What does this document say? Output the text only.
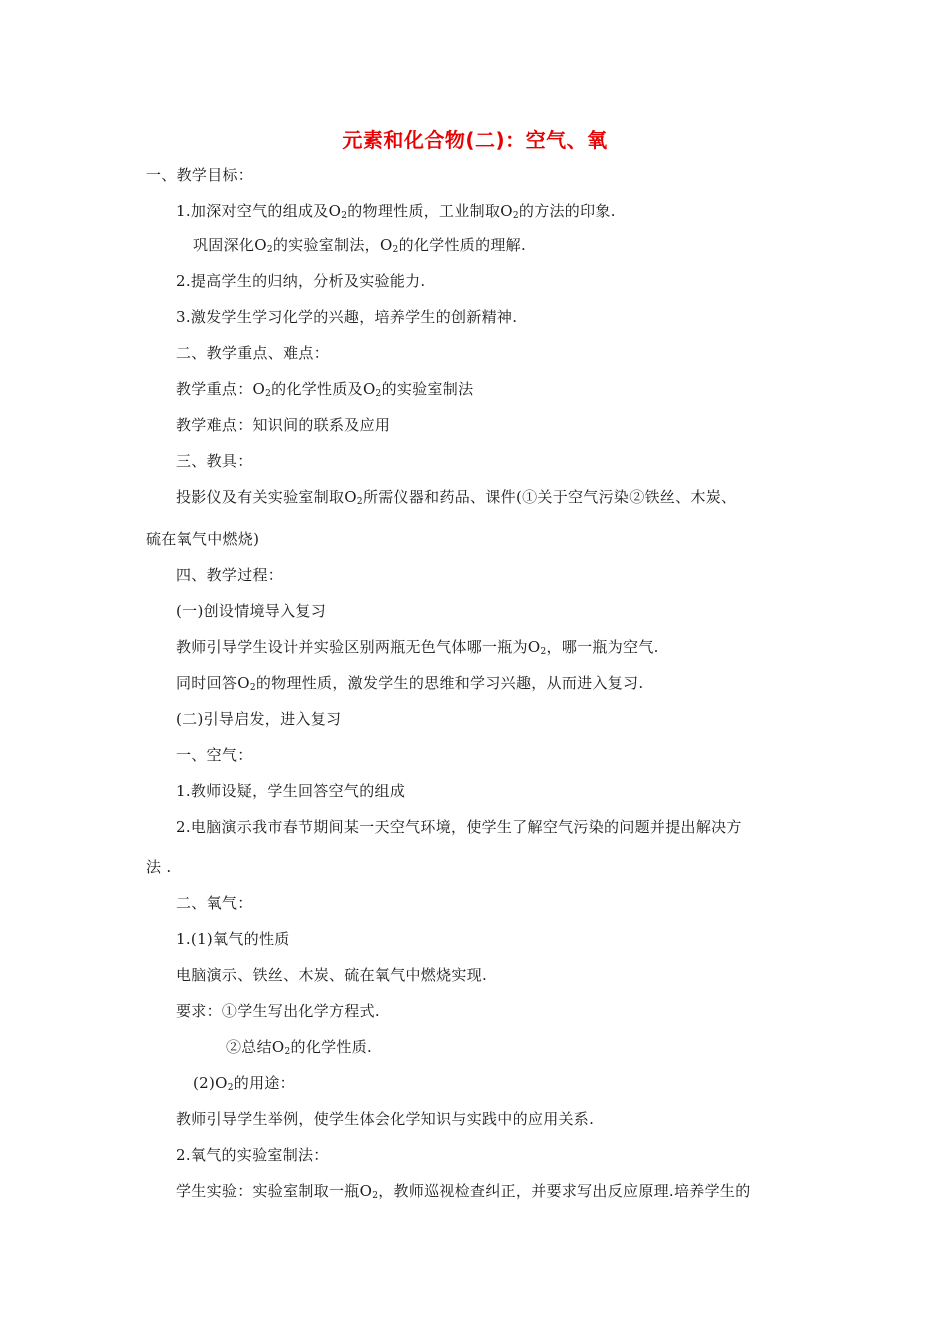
元素和化合物(二)：空气、氧
一、教学目标：
1.加深对空气的组成及$O_2$的物理性质，工业制取$O_2$的方法的印象.
巩固深化$O_2$的实验室制法，$O_2$的化学性质的理解.
2.提高学生的归纳，分析及实验能力.
3.激发学生学习化学的兴趣，培养学生的创新精神.
二、教学重点、难点：
教学重点：$O_2$的化学性质及$O_2$的实验室制法
教学难点：知识间的联系及应用
三、教具：
投影仪及有关实验室制取$O_2$所需仪器和药品、课件(①关于空气污染②铁丝、木炭、
硫在氧气中燃烧)
四、教学过程：
(一)创设情境导入复习
教师引导学生设计并实验区别两瓶无色气体哪一瓶为$O_2$，哪一瓶为空气.
同时回答$O_2$的物理性质，激发学生的思维和学习兴趣，从而进入复习.
(二)引导启发，进入复习
一、空气：
1.教师设疑，学生回答空气的组成
2.电脑演示我市春节期间某一天空气环境，使学生了解空气污染的问题并提出解决方
法 .
二、氧气：
1.(1)氧气的性质
电脑演示、铁丝、木炭、硫在氧气中燃烧实现.
要求：①学生写出化学方程式.
②总结$O_2$的化学性质.
$(2)O_2$的用途：
教师引导学生举例，使学生体会化学知识与实践中的应用关系.
2.氧气的实验室制法：
学生实验：实验室制取一瓶$O_2$，教师巡视检查纠正，并要求写出反应原理.培养学生的
